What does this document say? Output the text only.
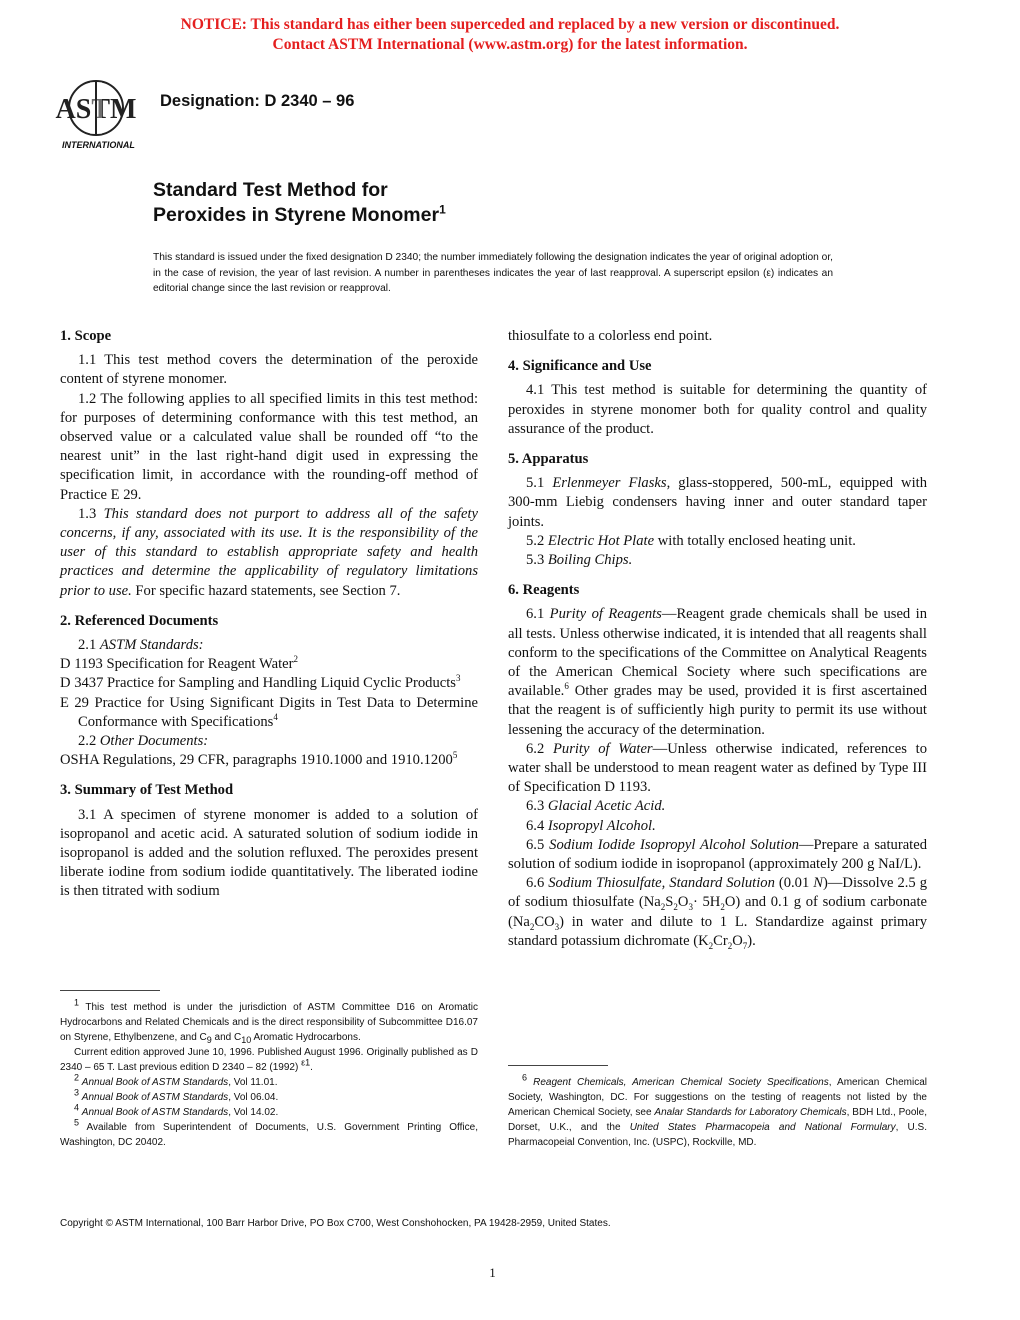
NOTICE: This standard has either been superceded and replaced by a new version or discontinued.
Contact ASTM International (www.astm.org) for the latest information.
ASTM
INTERNATIONAL
Designation: D 2340 – 96
Standard Test Method for
Peroxides in Styrene Monomer$^1$
This standard is issued under the fixed designation D 2340; the number immediately following the designation indicates the year of original adoption or, in the case of revision, the year of last revision. A number in parentheses indicates the year of last reapproval. A superscript epsilon (ε) indicates an editorial change since the last revision or reapproval.

1. Scope

1.1 This test method covers the determination of the peroxide content of styrene monomer.

1.2 The following applies to all specified limits in this test method: for purposes of determining conformance with this test method, an observed value or a calculated value shall be rounded off “to the nearest unit” in the last right-hand digit used in expressing the specification limit, in accordance with the rounding-off method of Practice E 29.

1.3 This standard does not purport to address all of the safety concerns, if any, associated with its use. It is the responsibility of the user of this standard to establish appropriate safety and health practices and determine the applicability of regulatory limitations prior to use. For specific hazard statements, see Section 7.

2. Referenced Documents

2.1 ASTM Standards:

D 1193 Specification for Reagent Water$^2$

D 3437 Practice for Sampling and Handling Liquid Cyclic Products$^3$

E 29 Practice for Using Significant Digits in Test Data to Determine Conformance with Specifications$^4$

2.2 Other Documents:

OSHA Regulations, 29 CFR, paragraphs 1910.1000 and 1910.1200$^5$

3. Summary of Test Method

3.1 A specimen of styrene monomer is added to a solution of isopropanol and acetic acid. A saturated solution of sodium iodide in isopropanol is added and the solution refluxed. The peroxides present liberate iodine from sodium iodide quantitatively. The liberated iodine is then titrated with sodium

$^1$ This test method is under the jurisdiction of ASTM Committee D16 on Aromatic Hydrocarbons and Related Chemicals and is the direct responsibility of Subcommittee D16.07 on Styrene, Ethylbenzene, and $C_9$ and $C_{10}$ Aromatic Hydrocarbons.

Current edition approved June 10, 1996. Published August 1996. Originally published as D 2340 – 65 T. Last previous edition D 2340 – 82 (1992) $^{\varepsilon 1}$.

$^2$ Annual Book of ASTM Standards, Vol 11.01.

$^3$ Annual Book of ASTM Standards, Vol 06.04.

$^4$ Annual Book of ASTM Standards, Vol 14.02.

$^5$ Available from Superintendent of Documents, U.S. Government Printing Office, Washington, DC 20402.

thiosulfate to a colorless end point.

4. Significance and Use

4.1 This test method is suitable for determining the quantity of peroxides in styrene monomer both for quality control and quality assurance of the product.

5. Apparatus

5.1 Erlenmeyer Flasks, glass-stoppered, 500-mL, equipped with 300-mm Liebig condensers having inner and outer standard taper joints.

5.2 Electric Hot Plate with totally enclosed heating unit.

5.3 Boiling Chips.

6. Reagents

6.1 Purity of Reagents—Reagent grade chemicals shall be used in all tests. Unless otherwise indicated, it is intended that all reagents shall conform to the specifications of the Committee on Analytical Reagents of the American Chemical Society where such specifications are available.$^6$ Other grades may be used, provided it is first ascertained that the reagent is of sufficiently high purity to permit its use without lessening the accuracy of the determination.

6.2 Purity of Water—Unless otherwise indicated, references to water shall be understood to mean reagent water as defined by Type III of Specification D 1193.

6.3 Glacial Acetic Acid.

6.4 Isopropyl Alcohol.

6.5 Sodium Iodide Isopropyl Alcohol Solution—Prepare a saturated solution of sodium iodide in isopropanol (approximately 200 g NaI/L).

6.6 Sodium Thiosulfate, Standard Solution (0.01 N)—Dissolve 2.5 g of sodium thiosulfate $(Na_2S_2O_3\cdot 5H_2O)$ and 0.1 g of sodium carbonate $(Na_2CO_3)$ in water and dilute to 1 L. Standardize against primary standard potassium dichromate $(K_2Cr_2O_7)$.

$^6$ Reagent Chemicals, American Chemical Society Specifications, American Chemical Society, Washington, DC. For suggestions on the testing of reagents not listed by the American Chemical Society, see Analar Standards for Laboratory Chemicals, BDH Ltd., Poole, Dorset, U.K., and the United States Pharmacopeia and National Formulary, U.S. Pharmacopeial Convention, Inc. (USPC), Rockville, MD.

Copyright © ASTM International, 100 Barr Harbor Drive, PO Box C700, West Conshohocken, PA 19428-2959, United States.
1
